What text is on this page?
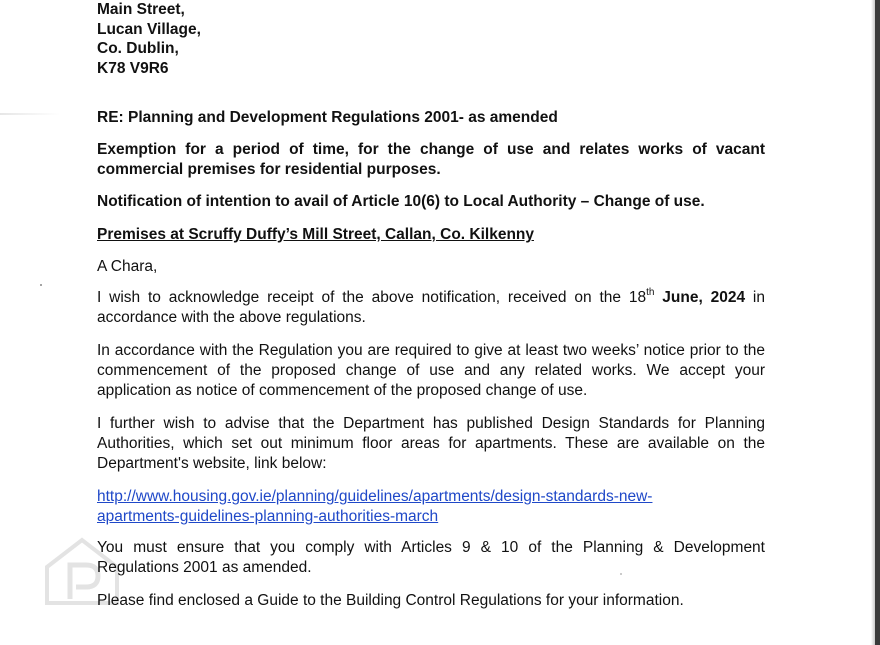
Main Street,
Lucan Village,
Co. Dublin,
K78 V9R6
RE: Planning and Development Regulations 2001- as amended
Exemption for a period of time, for the change of use and relates works of vacant commercial premises for residential purposes.
Notification of intention to avail of Article 10(6) to Local Authority – Change of use.
Premises at Scruffy Duffy’s Mill Street, Callan, Co. Kilkenny
A Chara,
I wish to acknowledge receipt of the above notification, received on the 18th June, 2024 in accordance with the above regulations.
In accordance with the Regulation you are required to give at least two weeks’ notice prior to the commencement of the proposed change of use and any related works. We accept your application as notice of commencement of the proposed change of use.
I further wish to advise that the Department has published Design Standards for Planning Authorities, which set out minimum floor areas for apartments. These are available on the Department's website, link below:
http://www.housing.gov.ie/planning/guidelines/apartments/design-standards-new-
apartments-guidelines-planning-authorities-march
You must ensure that you comply with Articles 9 & 10 of the Planning & Development Regulations 2001 as amended.
Please find enclosed a Guide to the Building Control Regulations for your information.
